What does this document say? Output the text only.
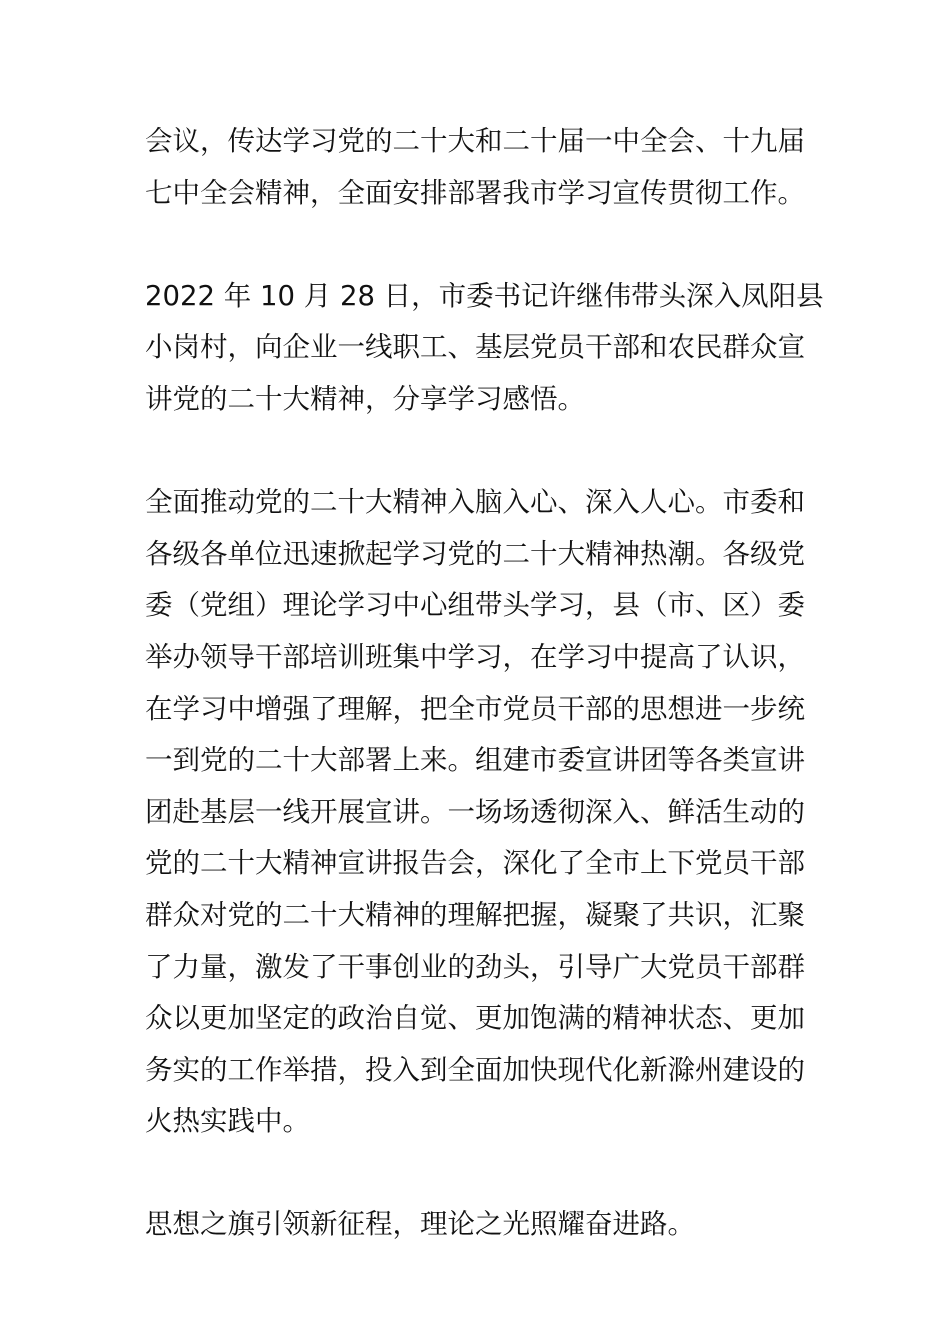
会议，传达学习党的二十大和二十届一中全会、十九届
七中全会精神，全面安排部署我市学习宣传贯彻工作。
2022 年 10 月 28 日，市委书记许继伟带头深入凤阳县
小岗村，向企业一线职工、基层党员干部和农民群众宣
讲党的二十大精神，分享学习感悟。
全面推动党的二十大精神入脑入心、深入人心。市委和
各级各单位迅速掀起学习党的二十大精神热潮。各级党
委（党组）理论学习中心组带头学习，县（市、区）委
举办领导干部培训班集中学习，在学习中提高了认识，
在学习中增强了理解，把全市党员干部的思想进一步统
一到党的二十大部署上来。组建市委宣讲团等各类宣讲
团赴基层一线开展宣讲。一场场透彻深入、鲜活生动的
党的二十大精神宣讲报告会，深化了全市上下党员干部
群众对党的二十大精神的理解把握，凝聚了共识，汇聚
了力量，激发了干事创业的劲头，引导广大党员干部群
众以更加坚定的政治自觉、更加饱满的精神状态、更加
务实的工作举措，投入到全面加快现代化新滁州建设的
火热实践中。
思想之旗引领新征程，理论之光照耀奋进路。
